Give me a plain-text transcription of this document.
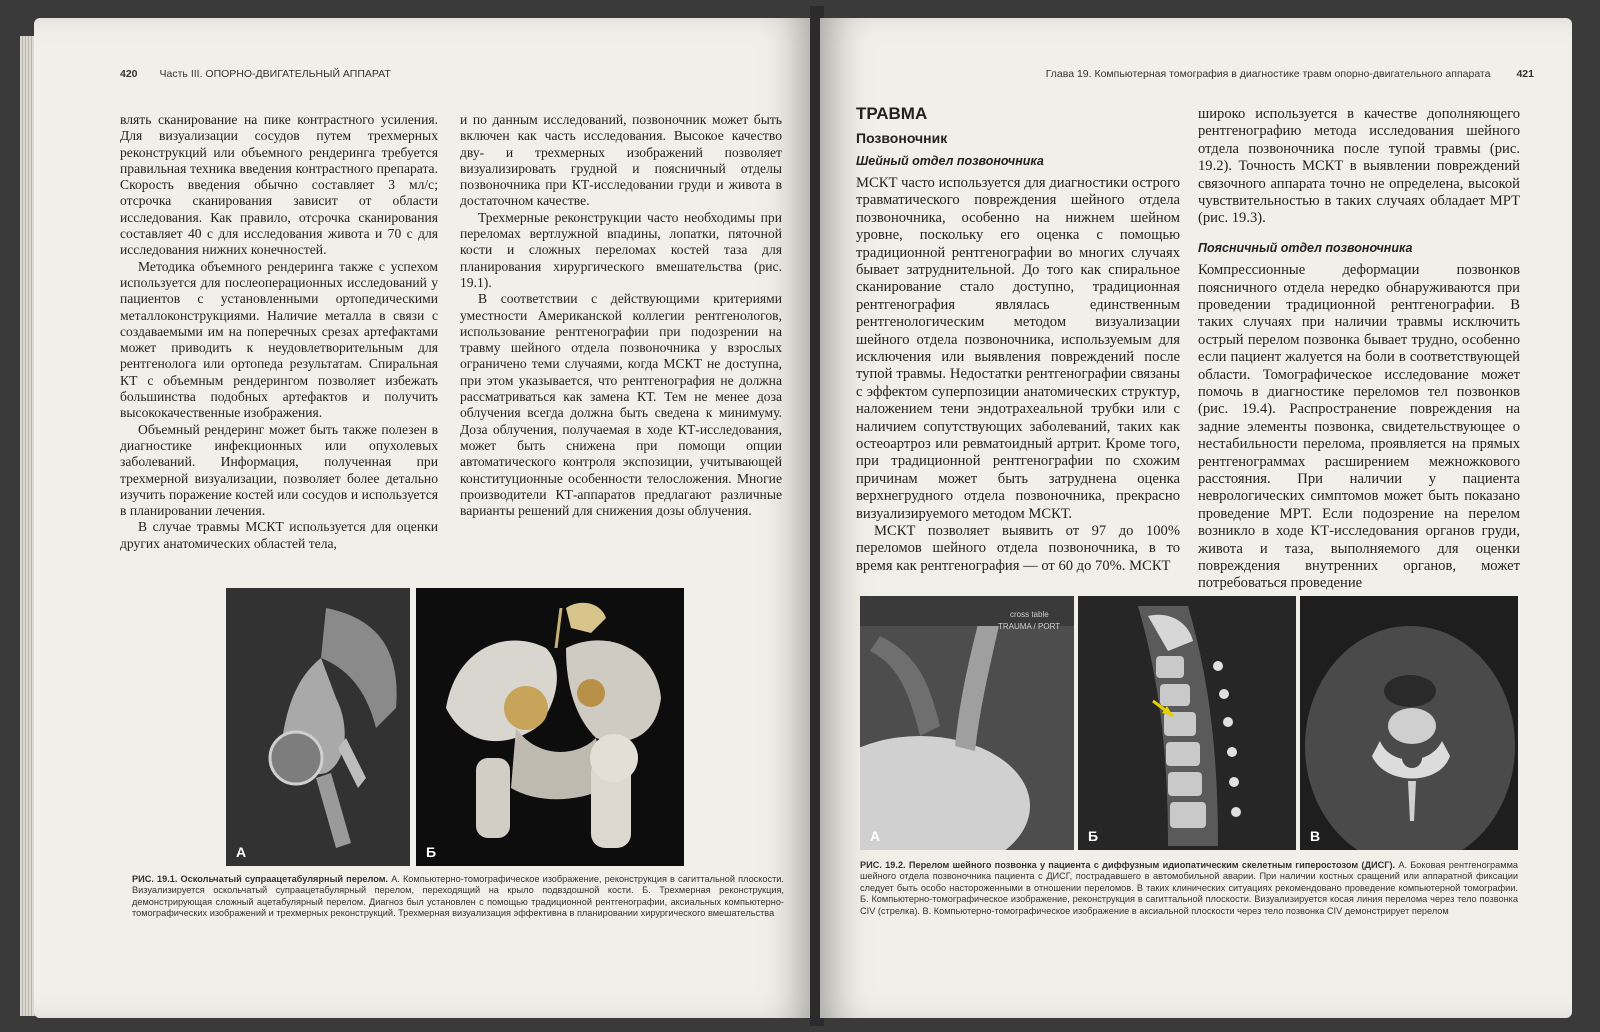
420 Часть III. ОПОРНО-ДВИГАТЕЛЬНЫЙ АППАРАТ

влять сканирование на пике контрастного усиления. Для визуализации сосудов путем трехмерных реконструкций или объемного рендеринга требуется правильная техника введения контрастного препарата. Скорость введения обычно составляет 3 мл/с; отсрочка сканирования зависит от области исследования. Как правило, отсрочка сканирования составляет 40 с для исследования живота и 70 с для исследования нижних конечностей.

Методика объемного рендеринга также с успехом используется для послеоперационных исследований у пациентов с установленными ортопедическими металлоконструкциями. Наличие металла в связи с создаваемыми им на поперечных срезах артефактами может приводить к неудовлетворительным для рентгенолога или ортопеда результатам. Спиральная КТ с объемным рендерингом позволяет избежать большинства подобных артефактов и получить высококачественные изображения.

Объемный рендеринг может быть также полезен в диагностике инфекционных или опухолевых заболеваний. Информация, полученная при трехмерной визуализации, позволяет более детально изучить поражение костей или сосудов и используется в планировании лечения.

В случае травмы МСКТ используется для оценки других анатомических областей тела,

и по данным исследований, позвоночник может быть включен как часть исследования. Высокое качество дву- и трехмерных изображений позволяет визуализировать грудной и поясничный отделы позвоночника при КТ-исследовании груди и живота в достаточном качестве.

Трехмерные реконструкции часто необходимы при переломах вертлужной впадины, лопатки, пяточной кости и сложных переломах костей таза для планирования хирургического вмешательства (рис. 19.1).

В соответствии с действующими критериями уместности Американской коллегии рентгенологов, использование рентгенографии при подозрении на травму шейного отдела позвоночника у взрослых ограничено теми случаями, когда МСКТ не доступна, при этом указывается, что рентгенография не должна рассматриваться как замена КТ. Тем не менее доза облучения всегда должна быть сведена к минимуму. Доза облучения, получаемая в ходе КТ-исследования, может быть снижена при помощи опции автоматического контроля экспозиции, учитывающей конституционные особенности телосложения. Многие производители КТ-аппаратов предлагают различные варианты решений для снижения дозы облучения.

А	Б
РИС. 19.1. Оскольчатый супраацетабулярный перелом. А. Компьютерно-томографическое изображение, реконструкция в сагиттальной плоскости. Визуализируется оскольчатый супраацетабулярный перелом, переходящий на крыло подвздошной кости. Б. Трехмерная реконструкция, демонстрирующая сложный ацетабулярный перелом. Диагноз был установлен с помощью традиционной рентгенографии, аксиальных компьютерно-томографических изображений и трехмерных реконструкций. Трехмерная визуализация эффективна в планировании хирургического вмешательства
Глава 19. Компьютерная томография в диагностике травм опорно-двигательного аппарата 421
ТРАВМА
Позвоночник
Шейный отдел позвоночника

МСКТ часто используется для диагностики острого травматического повреждения шейного отдела позвоночника, особенно на нижнем шейном уровне, поскольку его оценка с помощью традиционной рентгенографии во многих случаях бывает затруднительной. До того как спиральное сканирование стало доступно, традиционная рентгенография являлась единственным рентгенологическим методом визуализации шейного отдела позвоночника, используемым для исключения или выявления повреждений после тупой травмы. Недостатки рентгенографии связаны с эффектом суперпозиции анатомических структур, наложением тени эндотрахеальной трубки или с наличием сопутствующих заболеваний, таких как остеоартроз или ревматоидный артрит. Кроме того, при традиционной рентгенографии по схожим причинам может быть затруднена оценка верхнегрудного отдела позвоночника, прекрасно визуализируемого методом МСКТ.

МСКТ позволяет выявить от 97 до 100% переломов шейного отдела позвоночника, в то время как рентгенография — от 60 до 70%. МСКТ

широко используется в качестве дополняющего рентгенографию метода исследования шейного отдела позвоночника после тупой травмы (рис. 19.2). Точность МСКТ в выявлении повреждений связочного аппарата точно не определена, высокой чувствительностью в таких случаях обладает МРТ (рис. 19.3).

Поясничный отдел позвоночника

Компрессионные деформации позвонков поясничного отдела нередко обнаруживаются при проведении традиционной рентгенографии. В таких случаях при наличии травмы исключить острый перелом позвонка бывает трудно, особенно если пациент жалуется на боли в соответствующей области. Томографическое исследование может помочь в диагностике переломов тел позвонков (рис. 19.4). Распространение повреждения на задние элементы позвонка, свидетельствующее о нестабильности перелома, проявляется на прямых рентгенограммах расширением межножкового расстояния. При наличии у пациента неврологических симптомов может быть показано проведение МРТ. Если подозрение на перелом возникло в ходе КТ-исследования органов груди, живота и таза, выполняемого для оценки повреждения внутренних органов, может потребоваться проведение

cross table
TRAUMA / PORT
А	Б	В
РИС. 19.2. Перелом шейного позвонка у пациента с диффузным идиопатическим скелетным гиперостозом (ДИСГ). А. Боковая рентгенограмма шейного отдела позвоночника пациента с ДИСГ, пострадавшего в автомобильной аварии. При наличии костных сращений или аппаратной фиксации следует быть особо настороженными в отношении переломов. В таких клинических ситуациях рекомендовано проведение компьютерной томографии. Б. Компьютерно-томографическое изображение, реконструкция в сагиттальной плоскости. Визуализируется косая линия перелома через тело позвонка CIV (стрелка). В. Компьютерно-томографическое изображение в аксиальной плоскости через тело позвонка CIV демонстрирует перелом
